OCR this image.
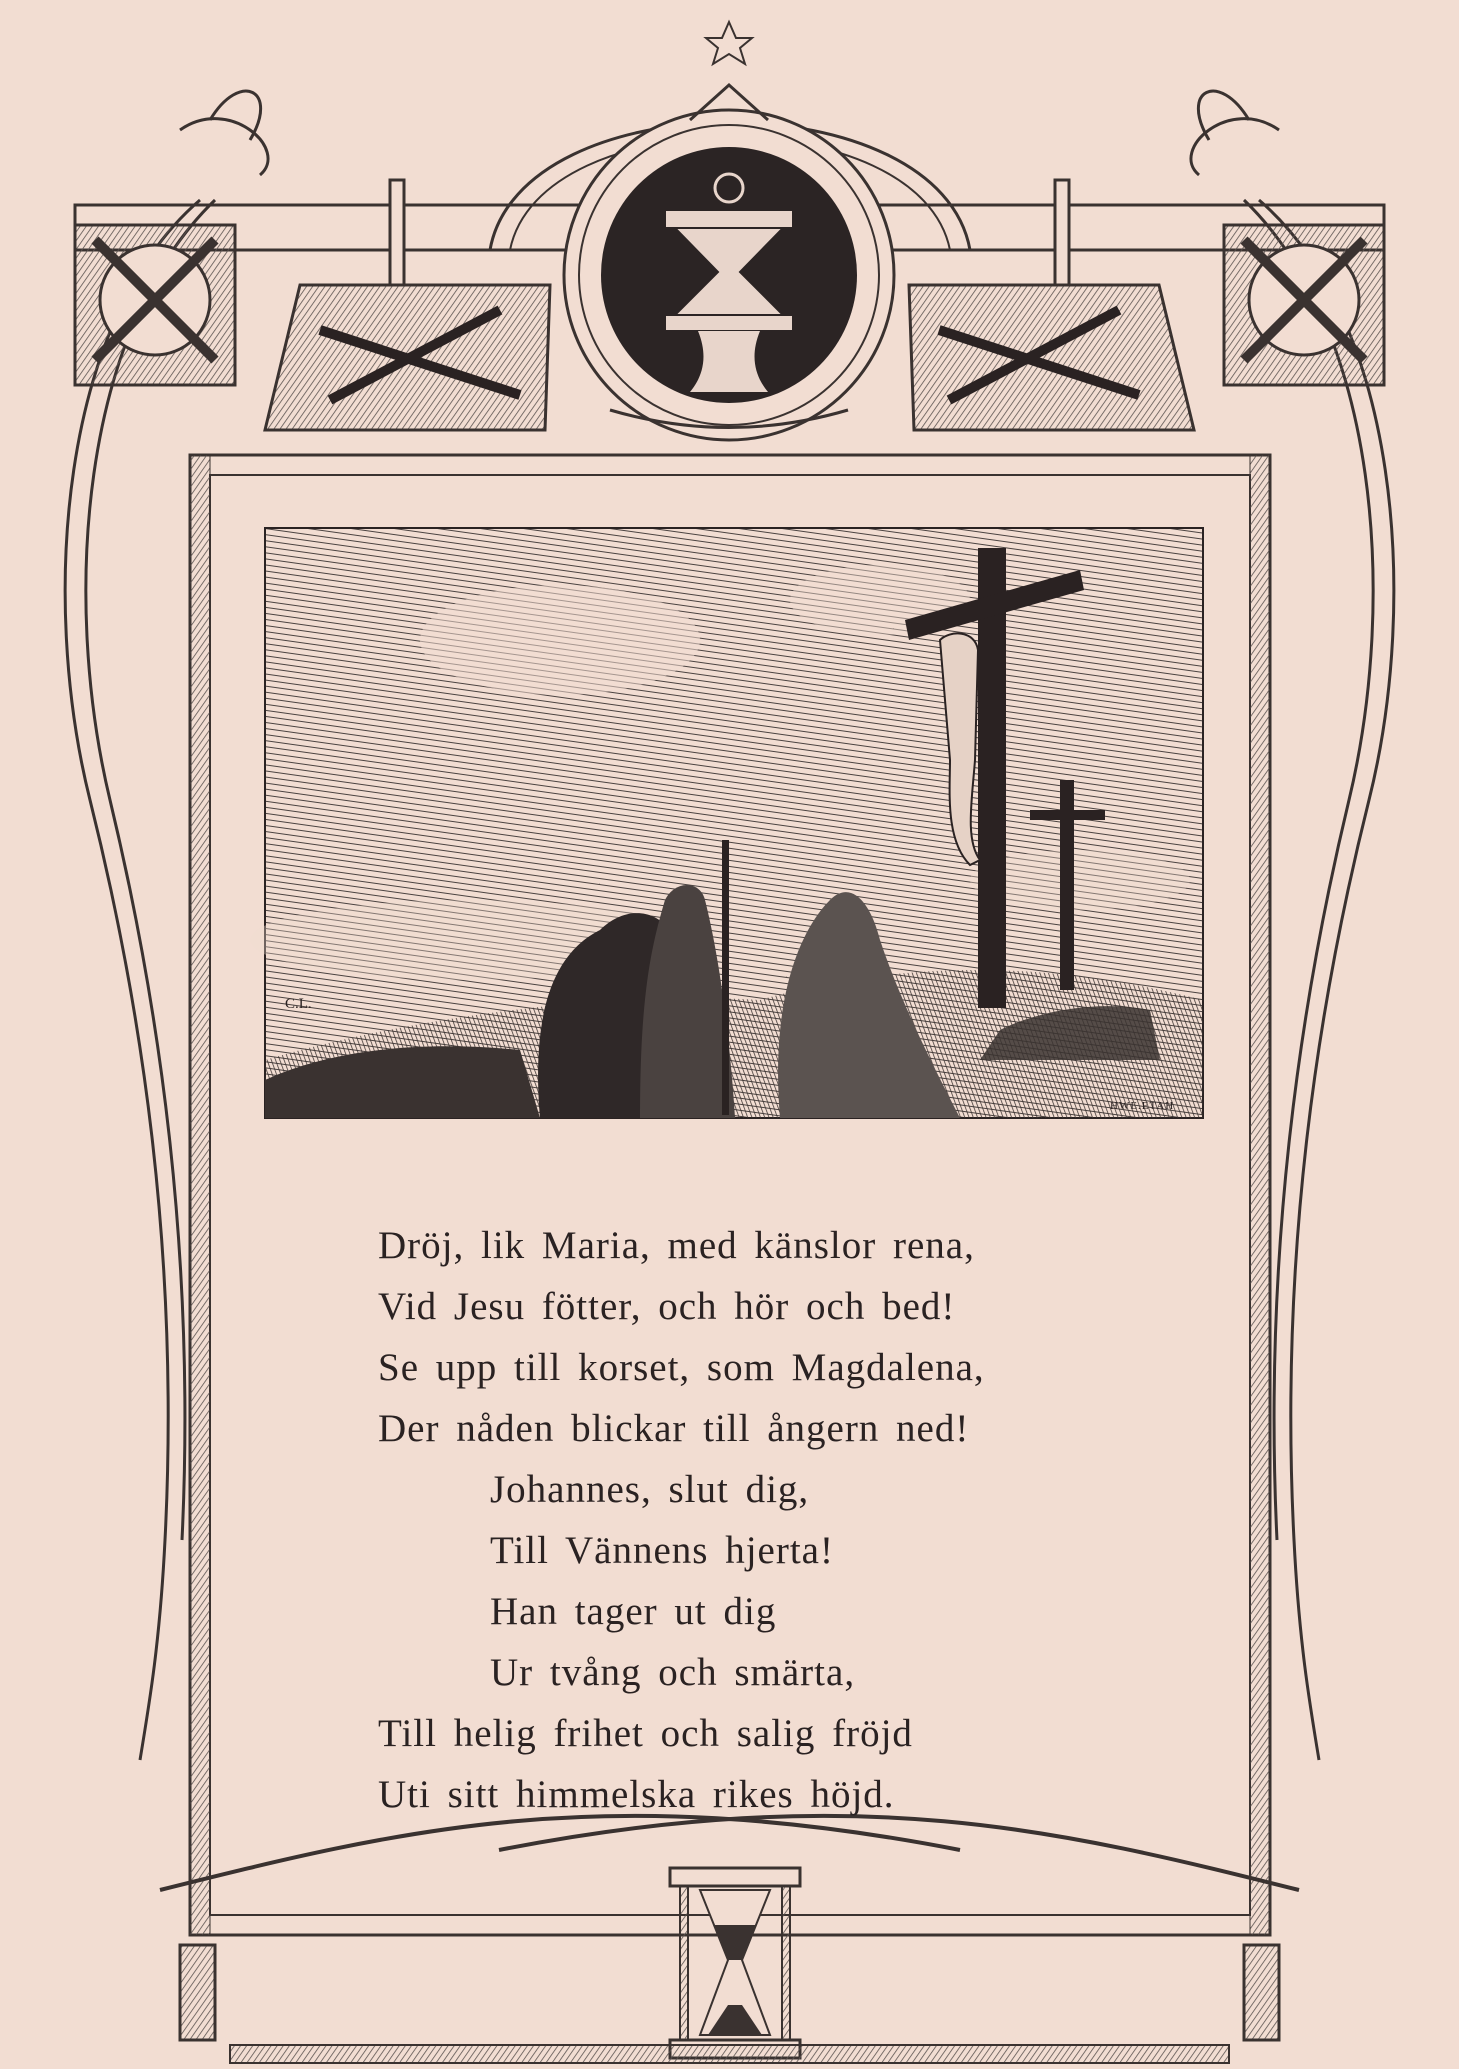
C.L.
HWE.ETAH
Dröj, lik Maria, med känslor rena,
Vid Jesu fötter, och hör och bed!
Se upp till korset, som Magdalena,
Der nåden blickar till ångern ned!
Johannes, slut dig,
Till Vännens hjerta!
Han tager ut dig
Ur tvång och smärta,
Till helig frihet och salig fröjd
Uti sitt himmelska rikes höjd.
